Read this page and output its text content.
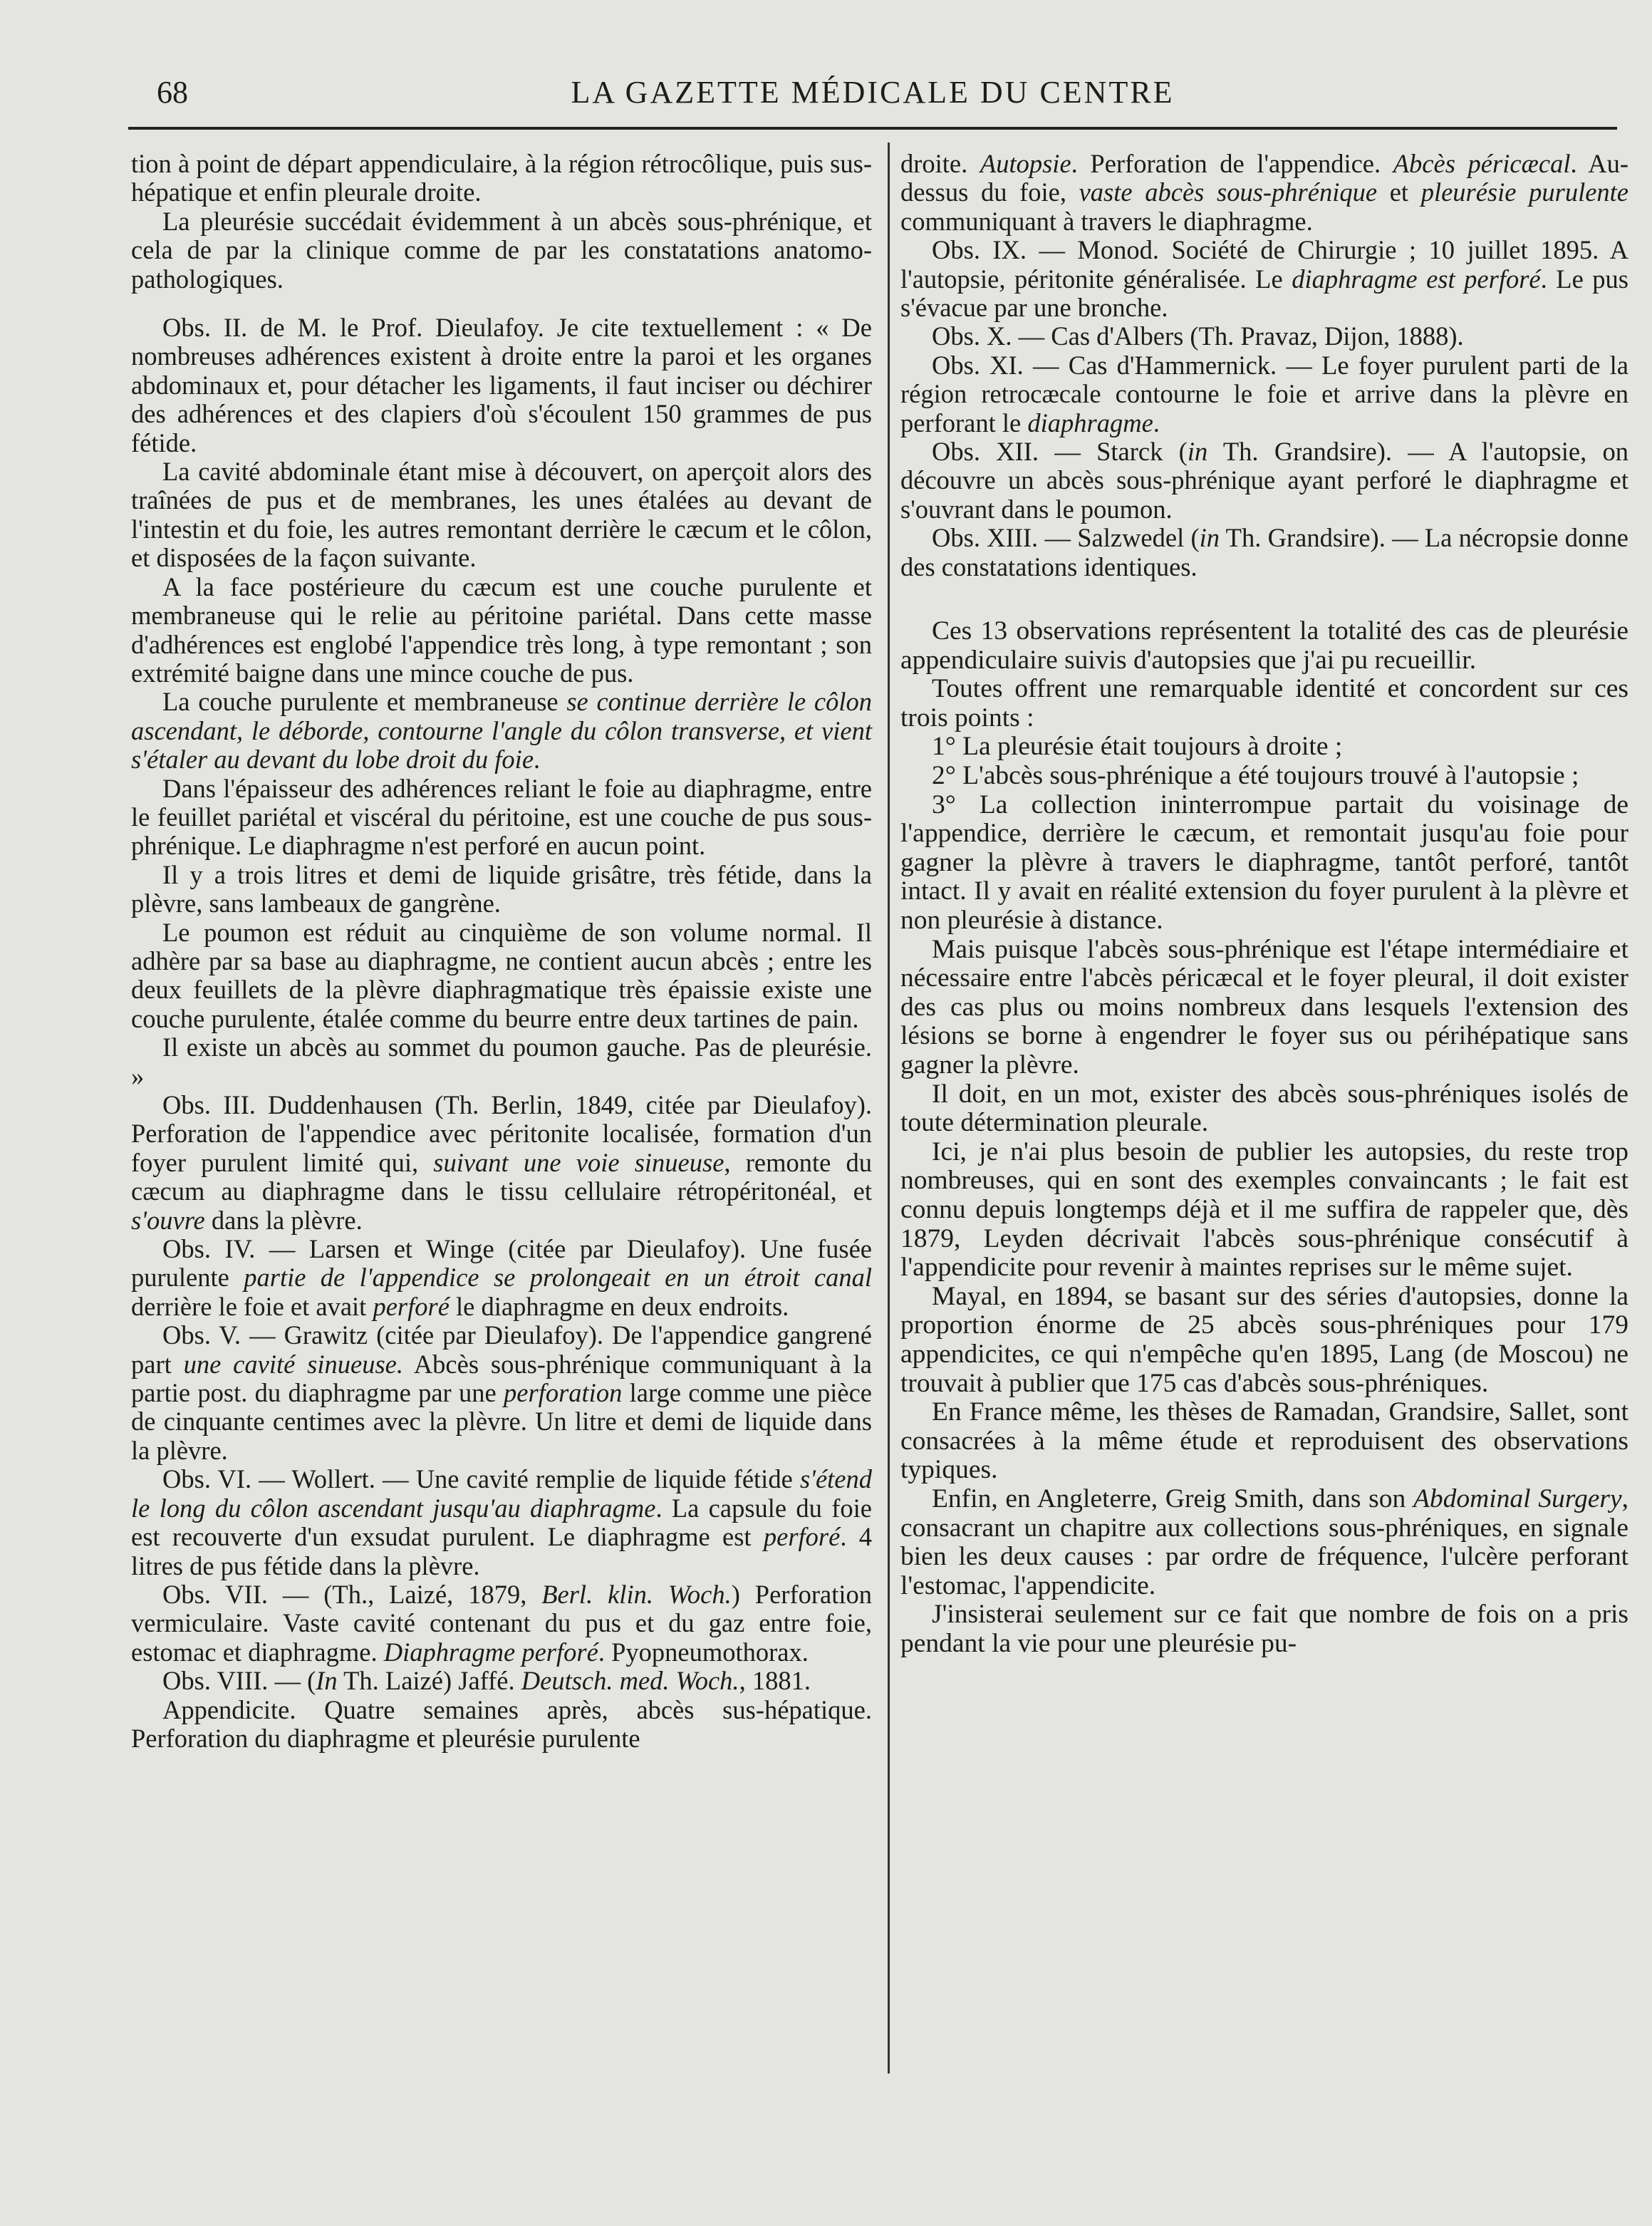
68	LA GAZETTE MÉDICALE DU CENTRE

tion à point de départ appendiculaire, à la région rétrocôlique, puis sus-hépatique et enfin pleurale droite.

La pleurésie succédait évidemment à un abcès sous-phrénique, et cela de par la clinique comme de par les constatations anatomo-pathologiques.

Obs. II. de M. le Prof. Dieulafoy. Je cite textuellement : « De nombreuses adhérences existent à droite entre la paroi et les organes abdominaux et, pour détacher les ligaments, il faut inciser ou déchirer des adhérences et des clapiers d'où s'écoulent 150 grammes de pus fétide.

La cavité abdominale étant mise à découvert, on aperçoit alors des traînées de pus et de membranes, les unes étalées au devant de l'intestin et du foie, les autres remontant derrière le cæcum et le côlon, et disposées de la façon suivante.

A la face postérieure du cæcum est une couche purulente et membraneuse qui le relie au péritoine pariétal. Dans cette masse d'adhérences est englobé l'appendice très long, à type remontant ; son extrémité baigne dans une mince couche de pus.

La couche purulente et membraneuse se continue derrière le côlon ascendant, le déborde, contourne l'angle du côlon transverse, et vient s'étaler au devant du lobe droit du foie.

Dans l'épaisseur des adhérences reliant le foie au diaphragme, entre le feuillet pariétal et viscéral du péritoine, est une couche de pus sous-phrénique. Le diaphragme n'est perforé en aucun point.

Il y a trois litres et demi de liquide grisâtre, très fétide, dans la plèvre, sans lambeaux de gangrène.

Le poumon est réduit au cinquième de son volume normal. Il adhère par sa base au diaphragme, ne contient aucun abcès ; entre les deux feuillets de la plèvre diaphragmatique très épaissie existe une couche purulente, étalée comme du beurre entre deux tartines de pain.

Il existe un abcès au sommet du poumon gauche. Pas de pleurésie. »

Obs. III. Duddenhausen (Th. Berlin, 1849, citée par Dieulafoy). Perforation de l'appendice avec péritonite localisée, formation d'un foyer purulent limité qui, suivant une voie sinueuse, remonte du cæcum au diaphragme dans le tissu cellulaire rétropéritonéal, et s'ouvre dans la plèvre.

Obs. IV. — Larsen et Winge (citée par Dieulafoy). Une fusée purulente partie de l'appendice se prolongeait en un étroit canal derrière le foie et avait perforé le diaphragme en deux endroits.

Obs. V. — Grawitz (citée par Dieulafoy). De l'appendice gangrené part une cavité sinueuse. Abcès sous-phrénique communiquant à la partie post. du diaphragme par une perforation large comme une pièce de cinquante centimes avec la plèvre. Un litre et demi de liquide dans la plèvre.

Obs. VI. — Wollert. — Une cavité remplie de liquide fétide s'étend le long du côlon ascendant jusqu'au diaphragme. La capsule du foie est recouverte d'un exsudat purulent. Le diaphragme est perforé. 4 litres de pus fétide dans la plèvre.

Obs. VII. — (Th., Laizé, 1879, Berl. klin. Woch.) Perforation vermiculaire. Vaste cavité contenant du pus et du gaz entre foie, estomac et diaphragme. Diaphragme perforé. Pyopneumothorax.

Obs. VIII. — (In Th. Laizé) Jaffé. Deutsch. med. Woch., 1881.

Appendicite. Quatre semaines après, abcès sus-hépatique. Perforation du diaphragme et pleurésie purulente

droite. Autopsie. Perforation de l'appendice. Abcès péricæcal. Au-dessus du foie, vaste abcès sous-phrénique et pleurésie purulente communiquant à travers le diaphragme.

Obs. IX. — Monod. Société de Chirurgie ; 10 juillet 1895. A l'autopsie, péritonite généralisée. Le diaphragme est perforé. Le pus s'évacue par une bronche.

Obs. X. — Cas d'Albers (Th. Pravaz, Dijon, 1888).

Obs. XI. — Cas d'Hammernick. — Le foyer purulent parti de la région retrocæcale contourne le foie et arrive dans la plèvre en perforant le diaphragme.

Obs. XII. — Starck (in Th. Grandsire). — A l'autopsie, on découvre un abcès sous-phrénique ayant perforé le diaphragme et s'ouvrant dans le poumon.

Obs. XIII. — Salzwedel (in Th. Grandsire). — La nécropsie donne des constatations identiques.

Ces 13 observations représentent la totalité des cas de pleurésie appendiculaire suivis d'autopsies que j'ai pu recueillir.

Toutes offrent une remarquable identité et concordent sur ces trois points :

1° La pleurésie était toujours à droite ;

2° L'abcès sous-phrénique a été toujours trouvé à l'autopsie ;

3° La collection ininterrompue partait du voisinage de l'appendice, derrière le cæcum, et remontait jusqu'au foie pour gagner la plèvre à travers le diaphragme, tantôt perforé, tantôt intact. Il y avait en réalité extension du foyer purulent à la plèvre et non pleurésie à distance.

Mais puisque l'abcès sous-phrénique est l'étape intermédiaire et nécessaire entre l'abcès péricæcal et le foyer pleural, il doit exister des cas plus ou moins nombreux dans lesquels l'extension des lésions se borne à engendrer le foyer sus ou périhépatique sans gagner la plèvre.

Il doit, en un mot, exister des abcès sous-phréniques isolés de toute détermination pleurale.

Ici, je n'ai plus besoin de publier les autopsies, du reste trop nombreuses, qui en sont des exemples convaincants ; le fait est connu depuis longtemps déjà et il me suffira de rappeler que, dès 1879, Leyden décrivait l'abcès sous-phrénique consécutif à l'appendicite pour revenir à maintes reprises sur le même sujet.

Mayal, en 1894, se basant sur des séries d'autopsies, donne la proportion énorme de 25 abcès sous-phréniques pour 179 appendicites, ce qui n'empêche qu'en 1895, Lang (de Moscou) ne trouvait à publier que 175 cas d'abcès sous-phréniques.

En France même, les thèses de Ramadan, Grandsire, Sallet, sont consacrées à la même étude et reproduisent des observations typiques.

Enfin, en Angleterre, Greig Smith, dans son Abdominal Surgery, consacrant un chapitre aux collections sous-phréniques, en signale bien les deux causes : par ordre de fréquence, l'ulcère perforant l'estomac, l'appendicite.

J'insisterai seulement sur ce fait que nombre de fois on a pris pendant la vie pour une pleurésie pu-
